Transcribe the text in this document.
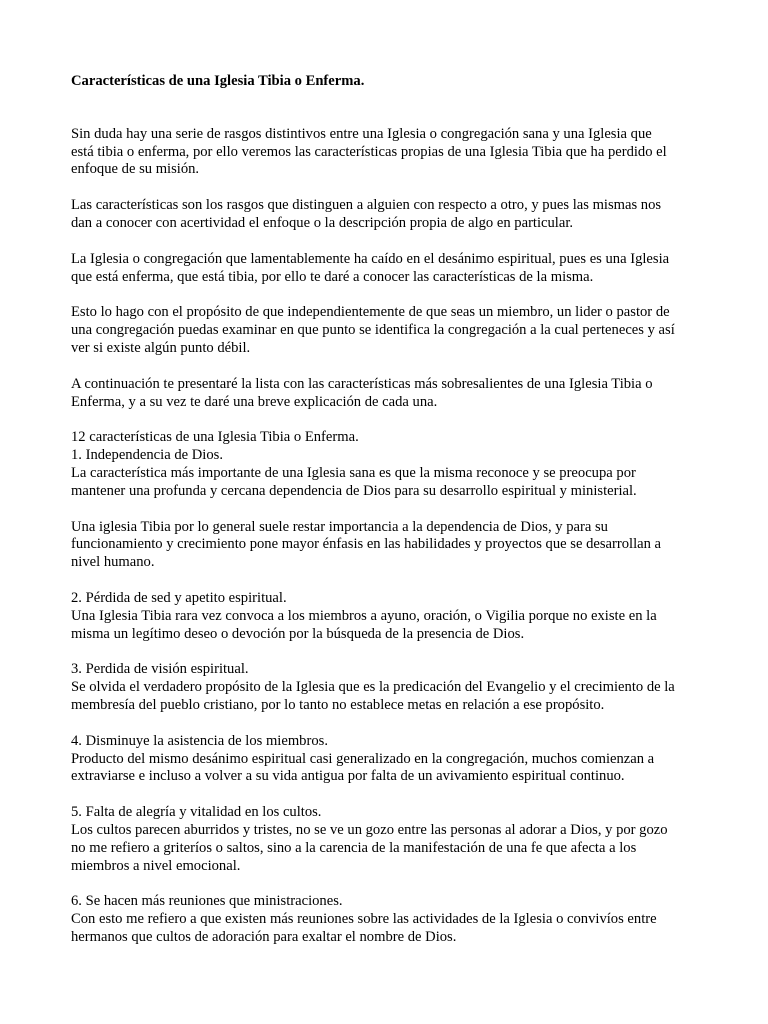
Características de una Iglesia Tibia o Enferma.
Sin duda hay una serie de rasgos distintivos entre una Iglesia o congregación sana y una Iglesia que
está tibia o enferma, por ello veremos las características propias de una Iglesia Tibia que ha perdido el
enfoque de su misión.
Las características son los rasgos que distinguen a alguien con respecto a otro, y pues las mismas nos
dan a conocer con acertividad el enfoque o la descripción propia de algo en particular.
La Iglesia o congregación que lamentablemente ha caído en el desánimo espiritual, pues es una Iglesia
que está enferma, que está tibia, por ello te daré a conocer las características de la misma.
Esto lo hago con el propósito de que independientemente de que seas un miembro, un lider o pastor de
una congregación puedas examinar en que punto se identifica la congregación a la cual perteneces y así
ver si existe algún punto débil.
A continuación te presentaré la lista con las características más sobresalientes de una Iglesia Tibia o
Enferma, y a su vez te daré una breve explicación de cada una.
12 características de una Iglesia Tibia o Enferma.
1. Independencia de Dios.
La característica más importante de una Iglesia sana es que la misma reconoce y se preocupa por
mantener una profunda y cercana dependencia de Dios para su desarrollo espiritual y ministerial.
Una iglesia Tibia por lo general suele restar importancia a la dependencia de Dios, y para su
funcionamiento y crecimiento pone mayor énfasis en las habilidades y proyectos que se desarrollan a
nivel humano.
2. Pérdida de sed y apetito espiritual.
Una Iglesia Tibia rara vez convoca a los miembros a ayuno, oración, o Vigilia porque no existe en la
misma un legítimo deseo o devoción por la búsqueda de la presencia de Dios.
3. Perdida de visión espiritual.
Se olvida el verdadero propósito de la Iglesia que es la predicación del Evangelio y el crecimiento de la
membresía del pueblo cristiano, por lo tanto no establece metas en relación a ese propósito.
4. Disminuye la asistencia de los miembros.
Producto del mismo desánimo espiritual casi generalizado en la congregación, muchos comienzan a
extraviarse e incluso a volver a su vida antigua por falta de un avivamiento espiritual continuo.
5. Falta de alegría y vitalidad en los cultos.
Los cultos parecen aburridos y tristes, no se ve un gozo entre las personas al adorar a Dios, y por gozo
no me refiero a griteríos o saltos, sino a la carencia de la manifestación de una fe que afecta a los
miembros a nivel emocional.
6. Se hacen más reuniones que ministraciones.
Con esto me refiero a que existen más reuniones sobre las actividades de la Iglesia o convivíos entre
hermanos que cultos de adoración para exaltar el nombre de Dios.
